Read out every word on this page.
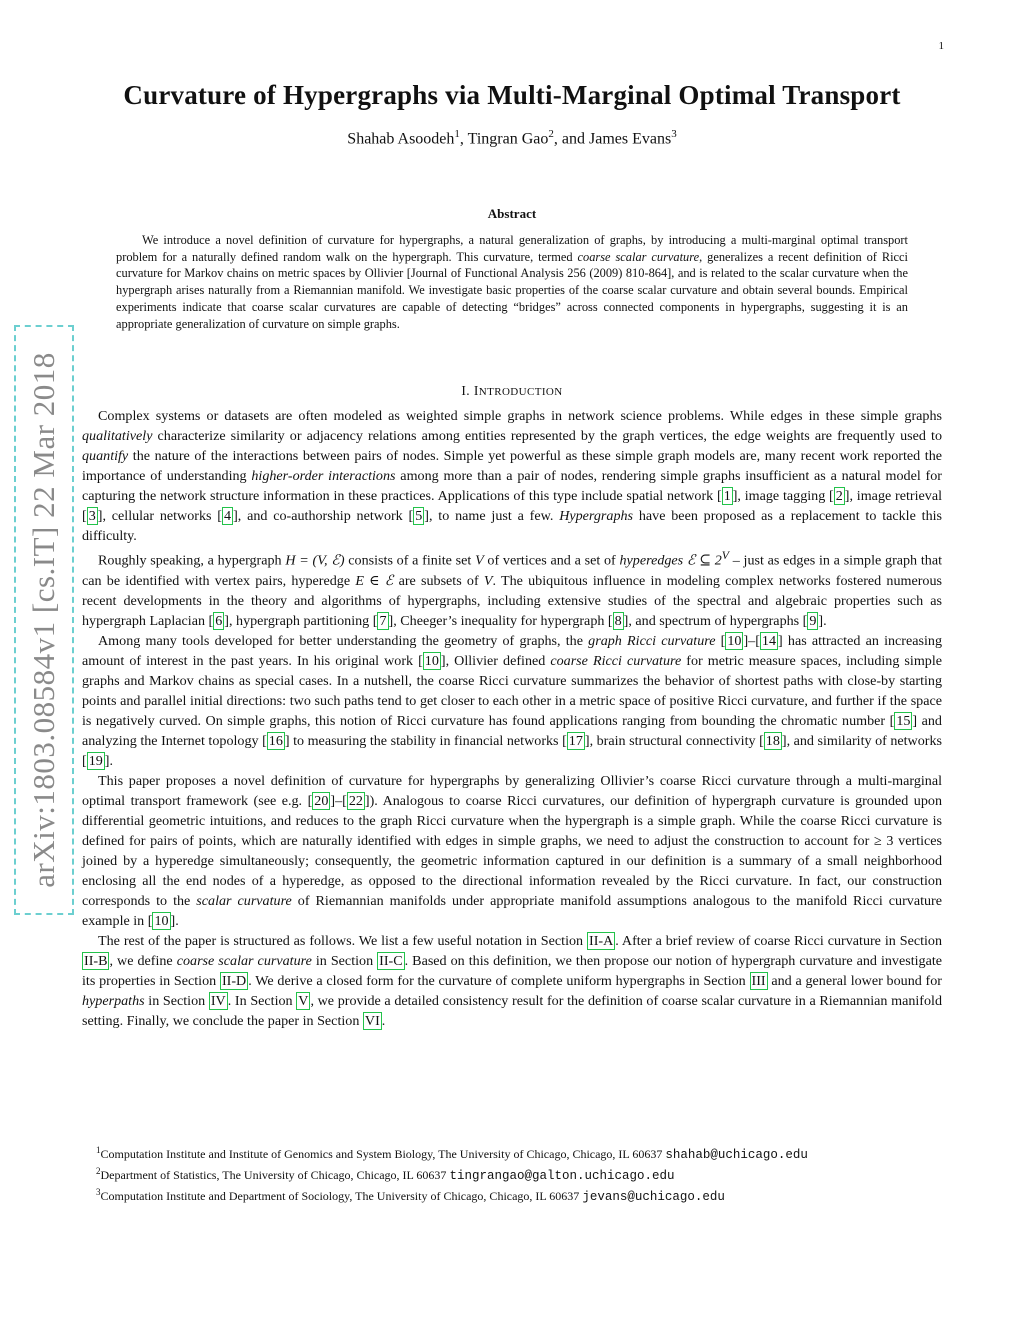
1
arXiv:1803.08584v1 [cs.IT] 22 Mar 2018
Curvature of Hypergraphs via Multi-Marginal Optimal Transport
Shahab Asoodeh$^1$, Tingran Gao$^2$, and James Evans$^3$
Abstract

We introduce a novel definition of curvature for hypergraphs, a natural generalization of graphs, by introducing a multi-marginal optimal transport problem for a naturally defined random walk on the hypergraph. This curvature, termed coarse scalar curvature, generalizes a recent definition of Ricci curvature for Markov chains on metric spaces by Ollivier [Journal of Functional Analysis 256 (2009) 810-864], and is related to the scalar curvature when the hypergraph arises naturally from a Riemannian manifold. We investigate basic properties of the coarse scalar curvature and obtain several bounds. Empirical experiments indicate that coarse scalar curvatures are capable of detecting “bridges” across connected components in hypergraphs, suggesting it is an appropriate generalization of curvature on simple graphs.

I. INTRODUCTION

Complex systems or datasets are often modeled as weighted simple graphs in network science problems. While edges in these simple graphs qualitatively characterize similarity or adjacency relations among entities represented by the graph vertices, the edge weights are frequently used to quantify the nature of the interactions between pairs of nodes. Simple yet powerful as these simple graph models are, many recent work reported the importance of understanding higher-order interactions among more than a pair of nodes, rendering simple graphs insufficient as a natural model for capturing the network structure information in these practices. Applications of this type include spatial network [ 1 ], image tagging [ 2 ], image retrieval [ 3 ], cellular networks [ 4 ], and co-authorship network [ 5 ], to name just a few. Hypergraphs have been proposed as a replacement to tackle this difficulty.

Roughly speaking, a hypergraph H = (V, ℰ) consists of a finite set V of vertices and a set of hyperedges ℰ ⊆ $2^V$ – just as edges in a simple graph that can be identified with vertex pairs, hyperedge E ∈ ℰ are subsets of V. The ubiquitous influence in modeling complex networks fostered numerous recent developments in the theory and algorithms of hypergraphs, including extensive studies of the spectral and algebraic properties such as hypergraph Laplacian [ 6 ], hypergraph partitioning [ 7 ], Cheeger’s inequality for hypergraph [ 8 ], and spectrum of hypergraphs [ 9 ].

Among many tools developed for better understanding the geometry of graphs, the graph Ricci curvature [ 10 ]–[ 14 ] has attracted an increasing amount of interest in the past years. In his original work [ 10 ], Ollivier defined coarse Ricci curvature for metric measure spaces, including simple graphs and Markov chains as special cases. In a nutshell, the coarse Ricci curvature summarizes the behavior of shortest paths with close-by starting points and parallel initial directions: two such paths tend to get closer to each other in a metric space of positive Ricci curvature, and further if the space is negatively curved. On simple graphs, this notion of Ricci curvature has found applications ranging from bounding the chromatic number [ 15 ] and analyzing the Internet topology [ 16 ] to measuring the stability in financial networks [ 17 ], brain structural connectivity [ 18 ], and similarity of networks [ 19 ].

This paper proposes a novel definition of curvature for hypergraphs by generalizing Ollivier’s coarse Ricci curvature through a multi-marginal optimal transport framework (see e.g. [ 20 ]–[ 22 ]). Analogous to coarse Ricci curvatures, our definition of hypergraph curvature is grounded upon differential geometric intuitions, and reduces to the graph Ricci curvature when the hypergraph is a simple graph. While the coarse Ricci curvature is defined for pairs of points, which are naturally identified with edges in simple graphs, we need to adjust the construction to account for ≥ 3 vertices joined by a hyperedge simultaneously; consequently, the geometric information captured in our definition is a summary of a small neighborhood enclosing all the end nodes of a hyperedge, as opposed to the directional information revealed by the Ricci curvature. In fact, our construction corresponds to the scalar curvature of Riemannian manifolds under appropriate manifold assumptions analogous to the manifold Ricci curvature example in [ 10 ].

The rest of the paper is structured as follows. We list a few useful notation in Section II-A . After a brief review of coarse Ricci curvature in Section II-B , we define coarse scalar curvature in Section II-C . Based on this definition, we then propose our notion of hypergraph curvature and investigate its properties in Section II-D . We derive a closed form for the curvature of complete uniform hypergraphs in Section III and a general lower bound for hyperpaths in Section IV . In Section V , we provide a detailed consistency result for the definition of coarse scalar curvature in a Riemannian manifold setting. Finally, we conclude the paper in Section VI .

$^1$Computation Institute and Institute of Genomics and System Biology, The University of Chicago, Chicago, IL 60637 shahab@uchicago.edu
$^2$Department of Statistics, The University of Chicago, Chicago, IL 60637 tingrangao@galton.uchicago.edu
$^3$Computation Institute and Department of Sociology, The University of Chicago, Chicago, IL 60637 jevans@uchicago.edu
